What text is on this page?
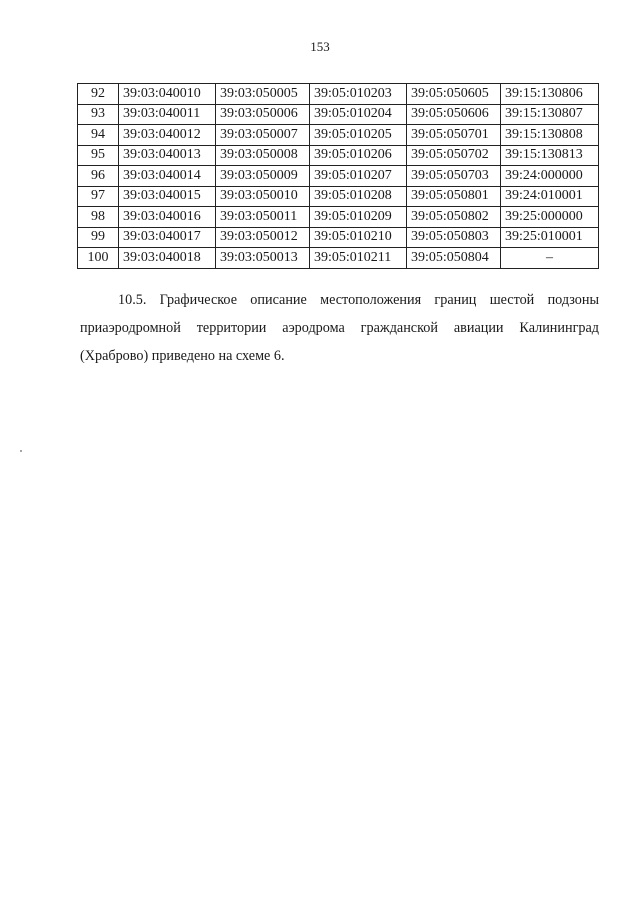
153
92	39:03:040010	39:03:050005	39:05:010203	39:05:050605	39:15:130806
93	39:03:040011	39:03:050006	39:05:010204	39:05:050606	39:15:130807
94	39:03:040012	39:03:050007	39:05:010205	39:05:050701	39:15:130808
95	39:03:040013	39:03:050008	39:05:010206	39:05:050702	39:15:130813
96	39:03:040014	39:03:050009	39:05:010207	39:05:050703	39:24:000000
97	39:03:040015	39:03:050010	39:05:010208	39:05:050801	39:24:010001
98	39:03:040016	39:03:050011	39:05:010209	39:05:050802	39:25:000000
99	39:03:040017	39:03:050012	39:05:010210	39:05:050803	39:25:010001
100	39:03:040018	39:03:050013	39:05:010211	39:05:050804	–

10.5. Графическое описание местоположения границ шестой подзоны приаэродромной территории аэродрома гражданской авиации Калининград (Храброво) приведено на схеме 6.
